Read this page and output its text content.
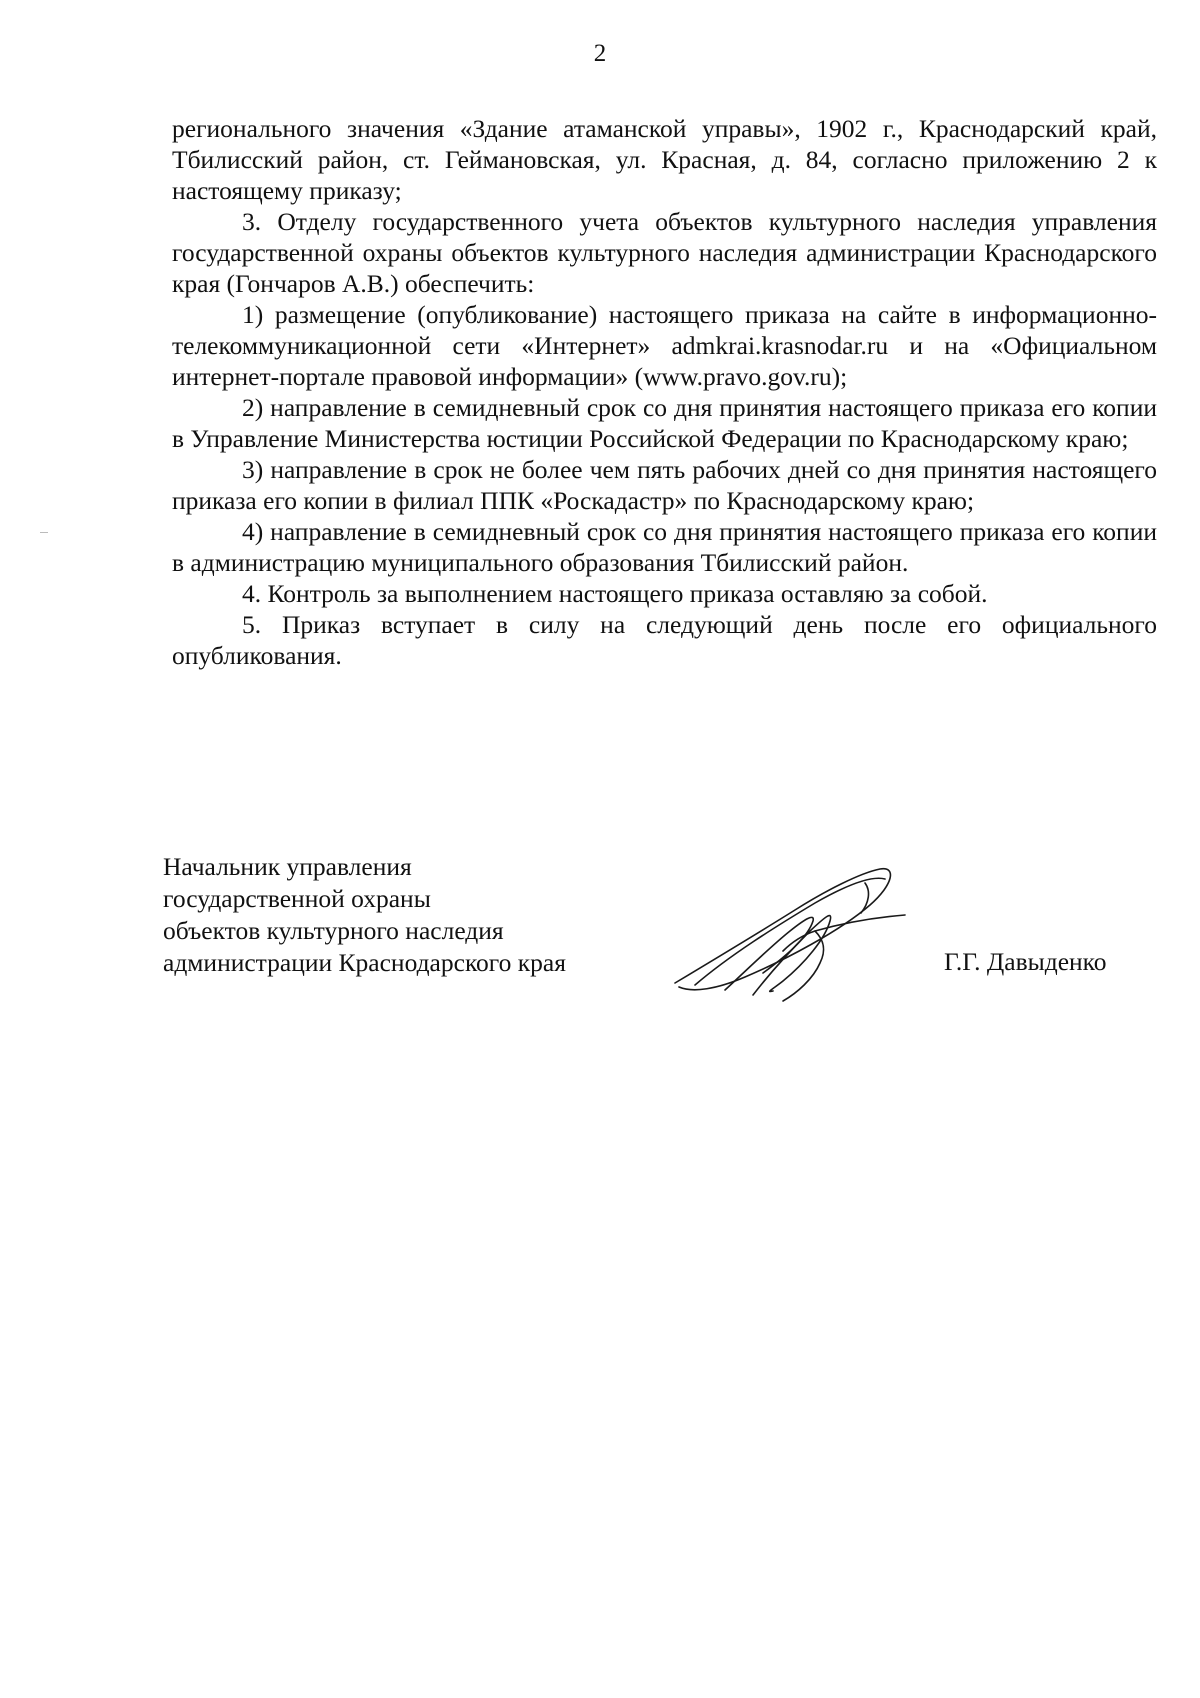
2

регионального значения «Здание атаманской управы», 1902 г., Краснодарский край, Тбилисский район, ст. Геймановская, ул. Красная, д. 84, согласно приложению 2 к настоящему приказу;

3. Отделу государственного учета объектов культурного наследия управления государственной охраны объектов культурного наследия администрации Краснодарского края (Гончаров А.В.) обеспечить:

1) размещение (опубликование) настоящего приказа на сайте в информационно-телекоммуникационной сети «Интернет» admkrai.krasnodar.ru и на «Официальном интернет-портале правовой информации» (www.pravo.gov.ru);

2) направление в семидневный срок со дня принятия настоящего приказа его копии в Управление Министерства юстиции Российской Федерации по Краснодарскому краю;

3) направление в срок не более чем пять рабочих дней со дня принятия настоящего приказа его копии в филиал ППК «Роскадастр» по Краснодарскому краю;

4) направление в семидневный срок со дня принятия настоящего приказа его копии в администрацию муниципального образования Тбилисский район.

4. Контроль за выполнением настоящего приказа оставляю за собой.

5. Приказ вступает в силу на следующий день после его официального опубликования.

Начальник управления
государственной охраны
объектов культурного наследия
администрации Краснодарского края	Г.Г. Давыденко
